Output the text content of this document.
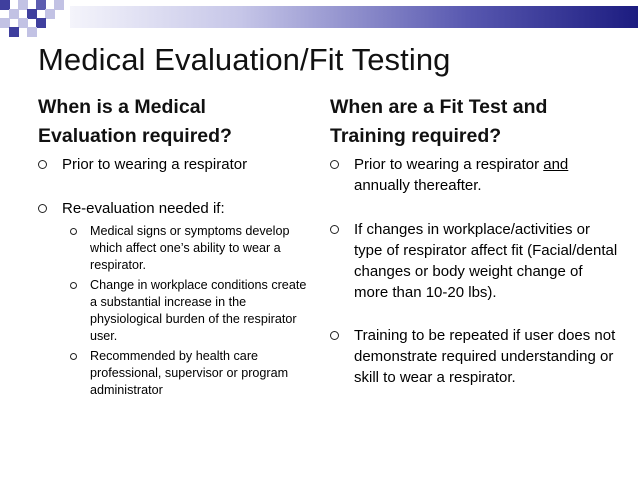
Medical Evaluation/Fit Testing
When is a Medical
Evaluation required?
Prior to wearing a respirator
Re-evaluation needed if:
Medical signs or symptoms develop which affect one’s ability to wear a respirator.
Change in workplace conditions create a substantial increase in the physiological burden of the respirator user.
Recommended by health care professional, supervisor or program administrator
When are a Fit Test and
Training required?
Prior to wearing a respirator and annually thereafter.
If changes in workplace/activities or type of respirator affect fit (Facial/dental changes or body weight change of more than 10-20 lbs).
Training to be repeated if user does not demonstrate required understanding or skill to wear a respirator.
